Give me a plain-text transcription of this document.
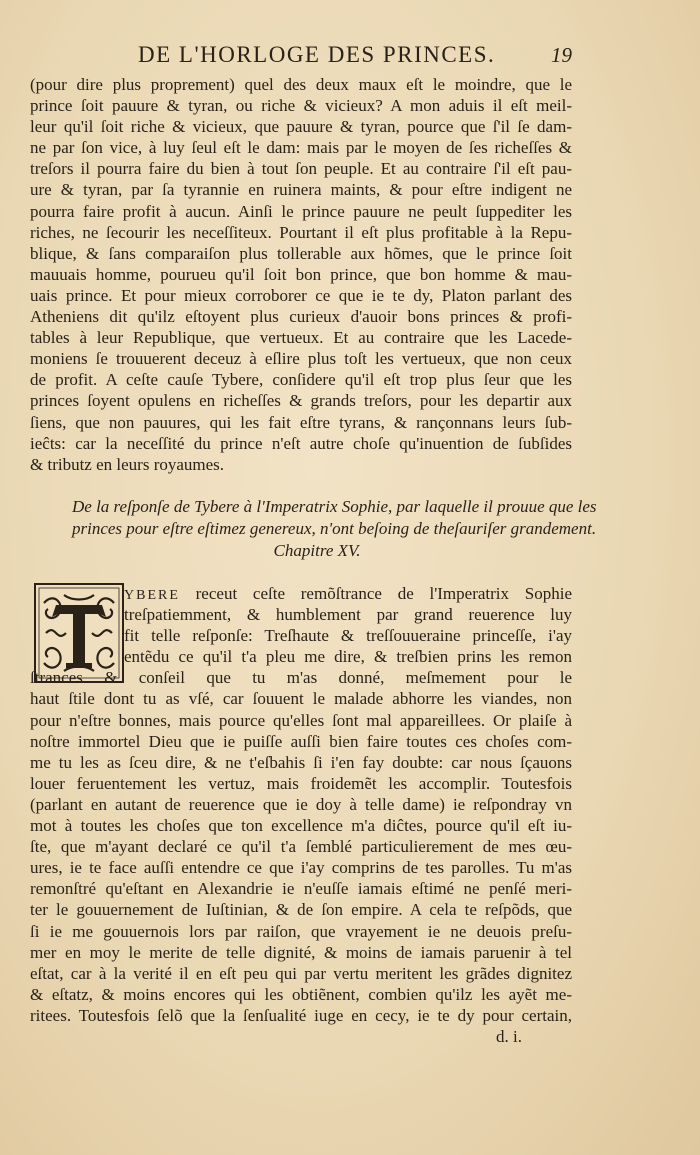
DE L'HORLOGE DES PRINCES.	19
(pour dire plus proprement) quel des deux maux eſt le moindre, que le
prince ſoit pauure & tyran, ou riche & vicieux? A mon aduis il eſt meil-
leur qu'il ſoit riche & vicieux, que pauure & tyran, pource que ſ'il ſe dam-
ne par ſon vice, à luy ſeul eſt le dam: mais par le moyen de ſes richeſſes &
treſors il pourra faire du bien à tout ſon peuple. Et au contraire ſ'il eſt pau-
ure & tyran, par ſa tyrannie en ruinera maints, & pour eſtre indigent ne
pourra faire profit à aucun. Ainſi le prince pauure ne peult ſuppediter les
riches, ne ſecourir les neceſſiteux. Pourtant il eſt plus profitable à la Repu-
blique, & ſans comparaiſon plus tollerable aux hõmes, que le prince ſoit
mauuais homme, pourueu qu'il ſoit bon prince, que bon homme & mau-
uais prince. Et pour mieux corroborer ce que ie te dy, Platon parlant des
Atheniens dit qu'ilz eſtoyent plus curieux d'auoir bons princes & profi-
tables à leur Republique, que vertueux. Et au contraire que les Lacede-
moniens ſe trouuerent deceuz à eſlire plus toſt les vertueux, que non ceux
de profit. A ceſte cauſe Tybere, conſidere qu'il eſt trop plus ſeur que les
princes ſoyent opulens en richeſſes & grands treſors, pour les departir aux
ſiens, que non pauures, qui les fait eſtre tyrans, & rançonnans leurs ſub-
ieĉts: car la neceſſité du prince n'eſt autre choſe qu'inuention de ſubſides
& tributz en leurs royaumes.
De la reſponſe de Tybere à l'Imperatrix Sophie, par laquelle il prouue que les
princes pour eſtre eſtimez genereux, n'ont beſoing de theſauriſer grandement.
Chapitre XV.
YBERE receut ceſte remõſtrance de l'Imperatrix Sophie
treſpatiemment, & humblement par grand reuerence luy
fit telle reſponſe: Treſhaute & treſſouueraine princeſſe, i'ay
entẽdu ce qu'il t'a pleu me dire, & treſbien prins les remon
ſtrances & conſeil que tu m'as donné, meſmement pour le
haut ſtile dont tu as vſé, car ſouuent le malade abhorre les viandes, non
pour n'eſtre bonnes, mais pource qu'elles ſont mal appareillees. Or plaiſe à
noſtre immortel Dieu que ie puiſſe auſſi bien faire toutes ces choſes com-
me tu les as ſceu dire, & ne t'eſbahis ſi i'en fay doubte: car nous ſçauons
louer feruentement les vertuz, mais froidemẽt les accomplir. Toutesfois
(parlant en autant de reuerence que ie doy à telle dame) ie reſpondray vn
mot à toutes les choſes que ton excellence m'a diĉtes, pource qu'il eſt iu-
ſte, que m'ayant declaré ce qu'il t'a ſemblé particulierement de mes œu-
ures, ie te face auſſi entendre ce que i'ay comprins de tes parolles. Tu m'as
remonſtré qu'eſtant en Alexandrie ie n'euſſe iamais eſtimé ne penſé meri-
ter le gouuernement de Iuſtinian, & de ſon empire. A cela te reſpõds, que
ſi ie me gouuernois lors par raiſon, que vrayement ie ne deuois preſu-
mer en moy le merite de telle dignité, & moins de iamais paruenir à tel
eſtat, car à la verité il en eſt peu qui par vertu meritent les grãdes dignitez
& eſtatz, & moins encores qui les obtiẽnent, combien qu'ilz les ayẽt me-
ritees. Toutesfois ſelõ que la ſenſualité iuge en cecy, ie te dy pour certain,
d. i.
